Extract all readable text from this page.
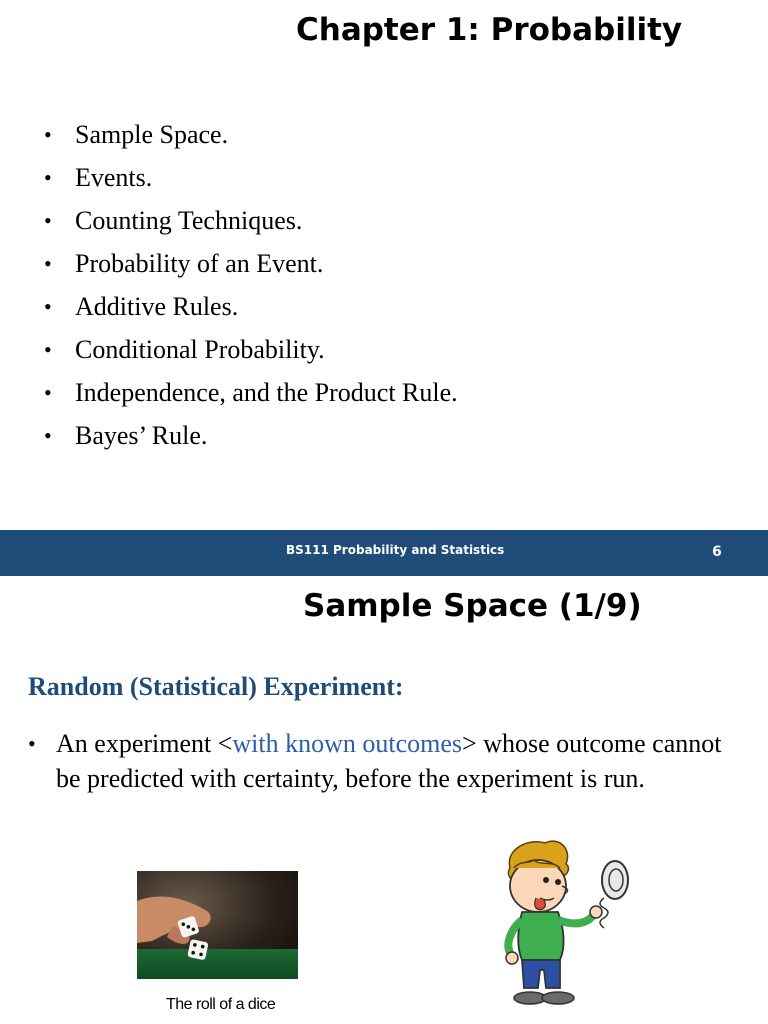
Chapter 1: Probability
• Sample Space.
• Events.
• Counting Techniques.
• Probability of an Event.
• Additive Rules.
• Conditional Probability.
• Independence, and the Product Rule.
• Bayes’ Rule.
BS111 Probability and Statistics	6
Sample Space (1/9)
Random (Statistical) Experiment:
• An experiment <with known outcomes> whose outcome cannot be predicted with certainty, before the experiment is run.
The roll of a dice
